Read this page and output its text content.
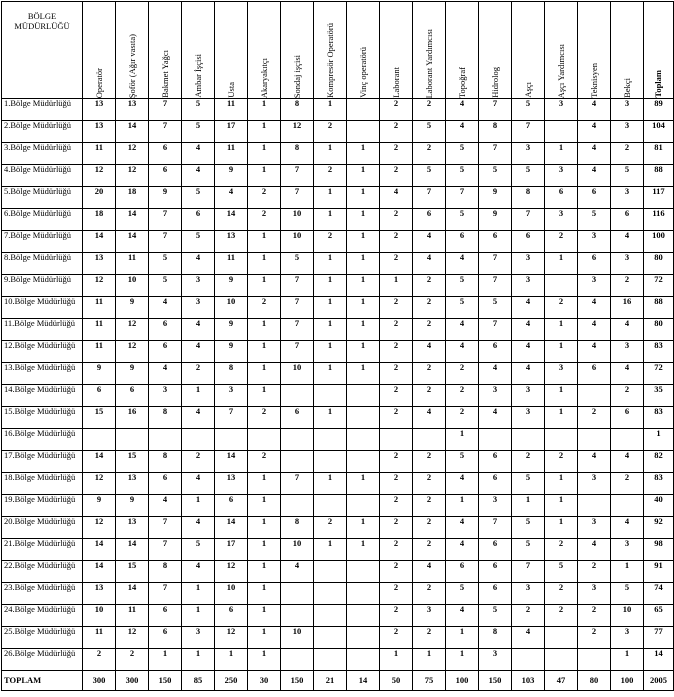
BÖLGE MÜDÜRLÜĞÜ	Operatör	Şoför (Ağır vasıta)	Bakmet Yağcı	Ambar İşçisi	Usta	Akaryakıtçı	Sondaj işçisi	Kompresör Operatörü	Vinç operatörü	Laborant	Laborant Yardımcısı	Topoğraf	Hidrolog	Aşçı	Aşçı Yardımcısı	Teknisyen	Bekçi	Toplam

1.Bölge Müdürlüğü	13	13	7	5	11	1	8	1		2	2	4	7	5	3	4	3	89
2.Bölge Müdürlüğü	13	14	7	5	17	1	12	2		2	5	4	8	7		4	3	104
3.Bölge Müdürlüğü	11	12	6	4	11	1	8	1	1	2	2	5	7	3	1	4	2	81
4.Bölge Müdürlüğü	12	12	6	4	9	1	7	2	1	2	5	5	5	5	3	4	5	88
5.Bölge Müdürlüğü	20	18	9	5	4	2	7	1	1	4	7	7	9	8	6	6	3	117
6.Bölge Müdürlüğü	18	14	7	6	14	2	10	1	1	2	6	5	9	7	3	5	6	116
7.Bölge Müdürlüğü	14	14	7	5	13	1	10	2	1	2	4	6	6	6	2	3	4	100
8.Bölge Müdürlüğü	13	11	5	4	11	1	5	1	1	2	4	4	7	3	1	6	3	80
9.Bölge Müdürlüğü	12	10	5	3	9	1	7	1	1	1	2	5	7	3		3	2	72
10.Bölge Müdürlüğü	11	9	4	3	10	2	7	1	1	2	2	5	5	4	2	4	16	88
11.Bölge Müdürlüğü	11	12	6	4	9	1	7	1	1	2	2	4	7	4	1	4	4	80
12.Bölge Müdürlüğü	11	12	6	4	9	1	7	1	1	2	4	4	6	4	1	4	3	83
13.Bölge Müdürlüğü	9	9	4	2	8	1	10	1	1	2	2	2	4	4	3	6	4	72
14.Bölge Müdürlüğü	6	6	3	1	3	1				2	2	2	3	3	1		2	35
15.Bölge Müdürlüğü	15	16	8	4	7	2	6	1		2	4	2	4	3	1	2	6	83
16.Bölge Müdürlüğü												1						1
17.Bölge Müdürlüğü	14	15	8	2	14	2				2	2	5	6	2	2	4	4	82
18.Bölge Müdürlüğü	12	13	6	4	13	1	7	1	1	2	2	4	6	5	1	3	2	83
19.Bölge Müdürlüğü	9	9	4	1	6	1				2	2	1	3	1	1			40
20.Bölge Müdürlüğü	12	13	7	4	14	1	8	2	1	2	2	4	7	5	1	3	4	92
21.Bölge Müdürlüğü	14	14	7	5	17	1	10	1	1	2	2	4	6	5	2	4	3	98
22.Bölge Müdürlüğü	14	15	8	4	12	1	4			2	4	6	6	7	5	2	1	91
23.Bölge Müdürlüğü	13	14	7	1	10	1				2	2	5	6	3	2	3	5	74
24.Bölge Müdürlüğü	10	11	6	1	6	1				2	3	4	5	2	2	2	10	65
25.Bölge Müdürlüğü	11	12	6	3	12	1	10			2	2	1	8	4		2	3	77
26.Bölge Müdürlüğü	2	2	1	1	1	1				1	1	1	3				1	14
TOPLAM	300	300	150	85	250	30	150	21	14	50	75	100	150	103	47	80	100	2005
